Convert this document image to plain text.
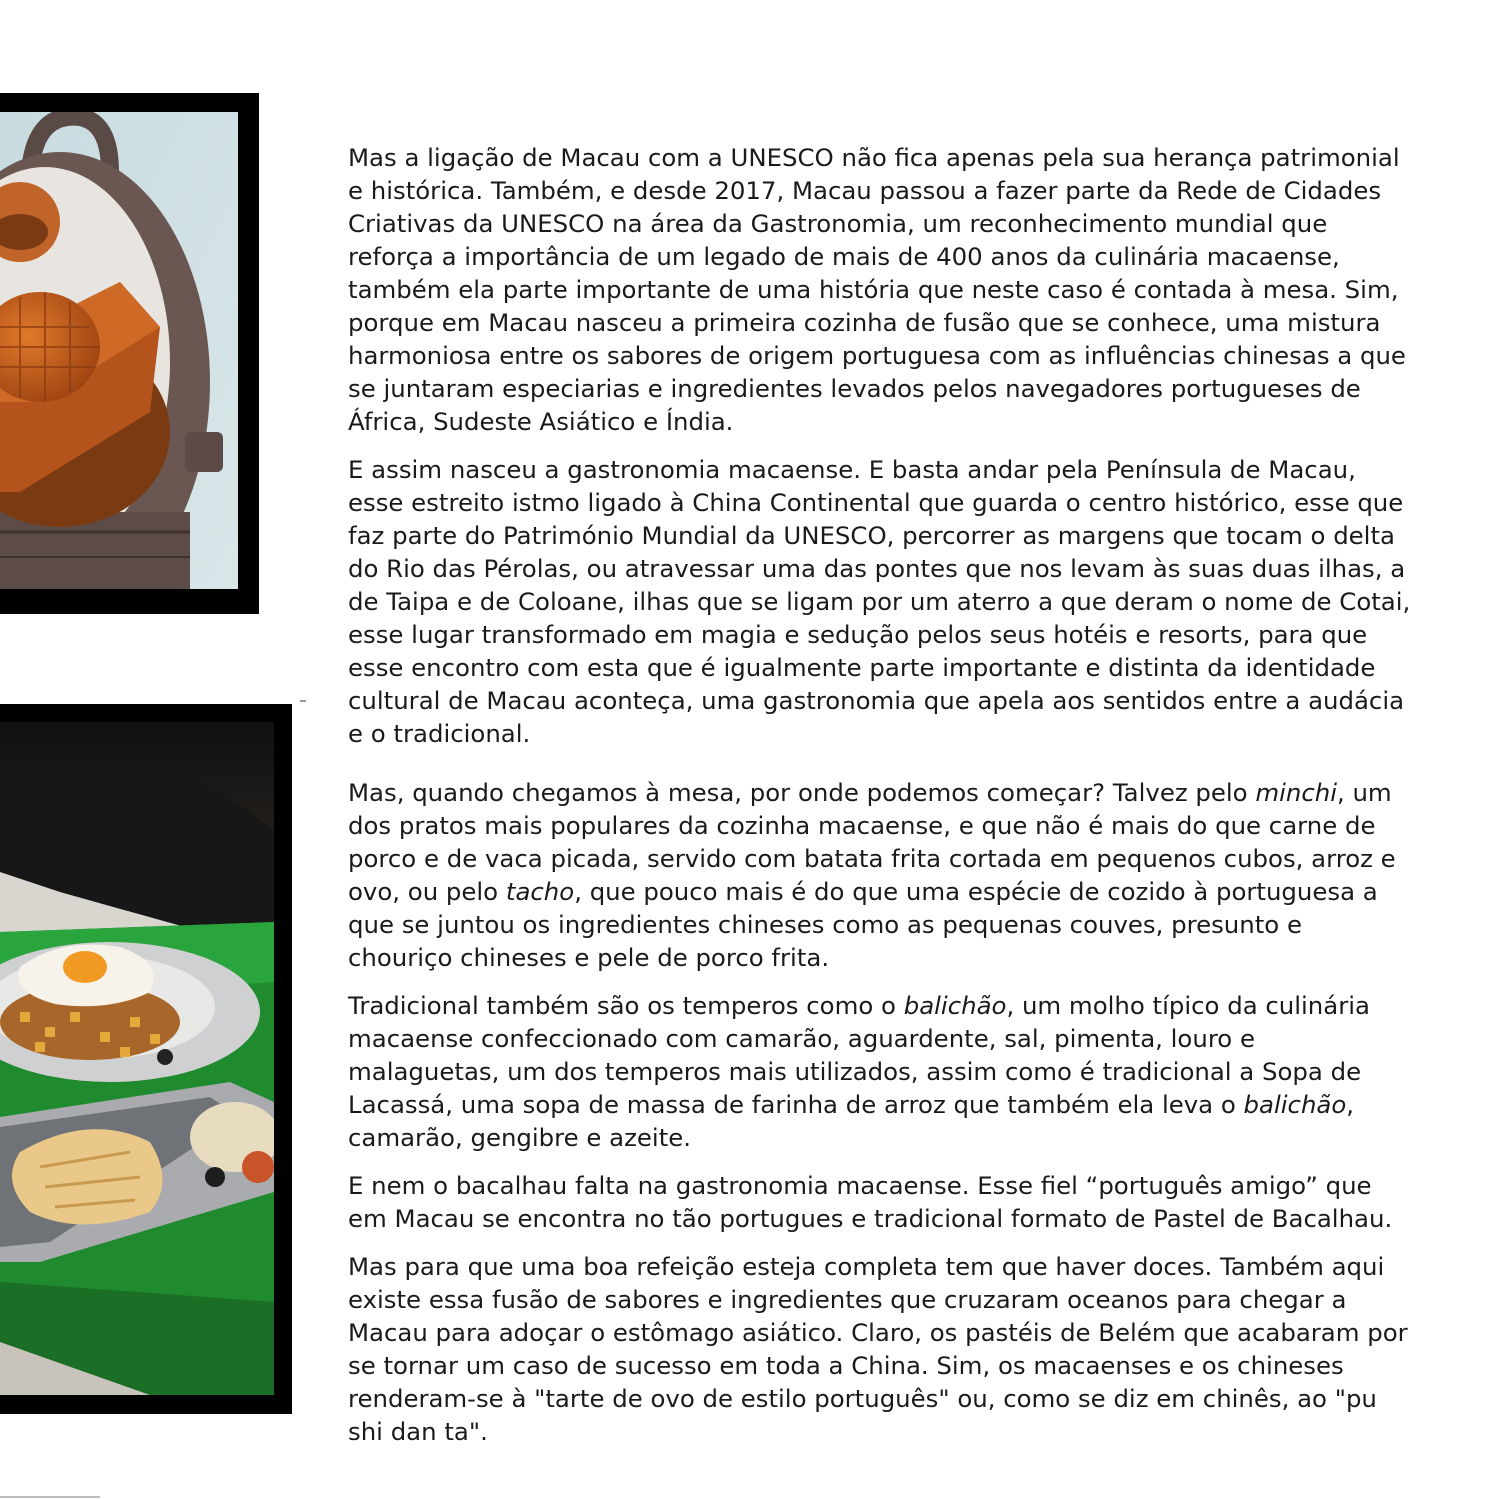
Mas a ligação de Macau com a UNESCO não fica apenas pela sua herança patrimonial e histórica. Também, e desde 2017, Macau passou a fazer parte da Rede de Cidades Criativas da UNESCO na área da Gastronomia, um reconhecimento mundial que reforça a importância de um legado de mais de 400 anos da culinária macaense, também ela parte importante de uma história que neste caso é contada à mesa. Sim, porque em Macau nasceu a primeira cozinha de fusão que se conhece, uma mistura harmoniosa entre os sabores de origem portuguesa com as influências chinesas a que se juntaram especiarias e ingredientes levados pelos navegadores portugueses de África, Sudeste Asiático e Índia.

E assim nasceu a gastronomia macaense. E basta andar pela Península de Macau, esse estreito istmo ligado à China Continental que guarda o centro histórico, esse que faz parte do Património Mundial da UNESCO, percorrer as margens que tocam o delta do Rio das Pérolas, ou atravessar uma das pontes que nos levam às suas duas ilhas, a de Taipa e de Coloane, ilhas que se ligam por um aterro a que deram o nome de Cotai, esse lugar transformado em magia e sedução pelos seus hotéis e resorts, para que esse encontro com esta que é igualmente parte importante e distinta da identidade cultural de Macau aconteça, uma gastronomia que apela aos sentidos entre a audácia e o tradicional.

Mas, quando chegamos à mesa, por onde podemos começar? Talvez pelo minchi, um dos pratos mais populares da cozinha macaense, e que não é mais do que carne de porco e de vaca picada, servido com batata frita cortada em pequenos cubos, arroz e ovo, ou pelo tacho, que pouco mais é do que uma espécie de cozido à portuguesa a que se juntou os ingredientes chineses como as pequenas couves, presunto e chouriço chineses e pele de porco frita.

Tradicional também são os temperos como o balichão, um molho típico da culinária macaense confeccionado com camarão, aguardente, sal, pimenta, louro e malaguetas, um dos temperos mais utilizados, assim como é tradicional a Sopa de Lacassá, uma sopa de massa de farinha de arroz que também ela leva o balichão, camarão, gengibre e azeite.

E nem o bacalhau falta na gastronomia macaense. Esse fiel “português amigo” que em Macau se encontra no tão portugues e tradicional formato de Pastel de Bacalhau.

Mas para que uma boa refeição esteja completa tem que haver doces. Também aqui existe essa fusão de sabores e ingredientes que cruzaram oceanos para chegar a Macau para adoçar o estômago asiático. Claro, os pastéis de Belém que acabaram por se tornar um caso de sucesso em toda a China. Sim, os macaenses e os chineses renderam-se à "tarte de ovo de estilo português" ou, como se diz em chinês, ao "pu shi dan ta".
